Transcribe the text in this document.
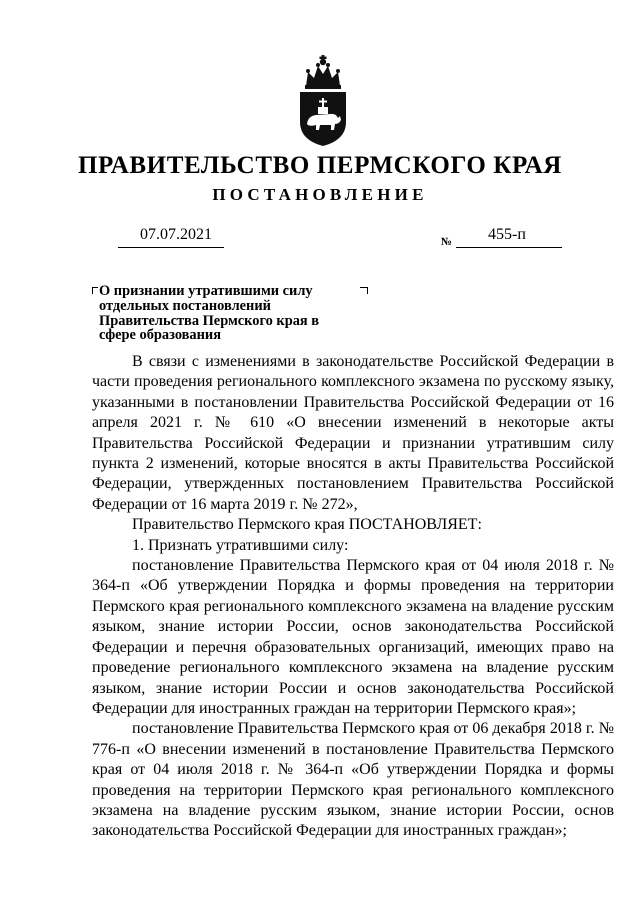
ПРАВИТЕЛЬСТВО ПЕРМСКОГО КРАЯ
ПОСТАНОВЛЕНИЕ
07.07.2021	№ 455-п
О признании утратившими силу отдельных постановлений Правительства Пермского края в сфере образования

В связи с изменениями в законодательстве Российской Федерации в части проведения регионального комплексного экзамена по русскому языку, указанными в постановлении Правительства Российской Федерации от 16 апреля 2021 г. № 610 «О внесении изменений в некоторые акты Правительства Российской Федерации и признании утратившим силу пункта 2 изменений, которые вносятся в акты Правительства Российской Федерации, утвержденных постановлением Правительства Российской Федерации от 16 марта 2019 г. № 272»,

Правительство Пермского края ПОСТАНОВЛЯЕТ:

1. Признать утратившими силу:

постановление Правительства Пермского края от 04 июля 2018 г. № 364-п «Об утверждении Порядка и формы проведения на территории Пермского края регионального комплексного экзамена на владение русским языком, знание истории России, основ законодательства Российской Федерации и перечня образовательных организаций, имеющих право на проведение регионального комплексного экзамена на владение русским языком, знание истории России и основ законодательства Российской Федерации для иностранных граждан на территории Пермского края»;

постановление Правительства Пермского края от 06 декабря 2018 г. № 776-п «О внесении изменений в постановление Правительства Пермского края от 04 июля 2018 г. № 364-п «Об утверждении Порядка и формы проведения на территории Пермского края регионального комплексного экзамена на владение русским языком, знание истории России, основ законодательства Российской Федерации для иностранных граждан»;
